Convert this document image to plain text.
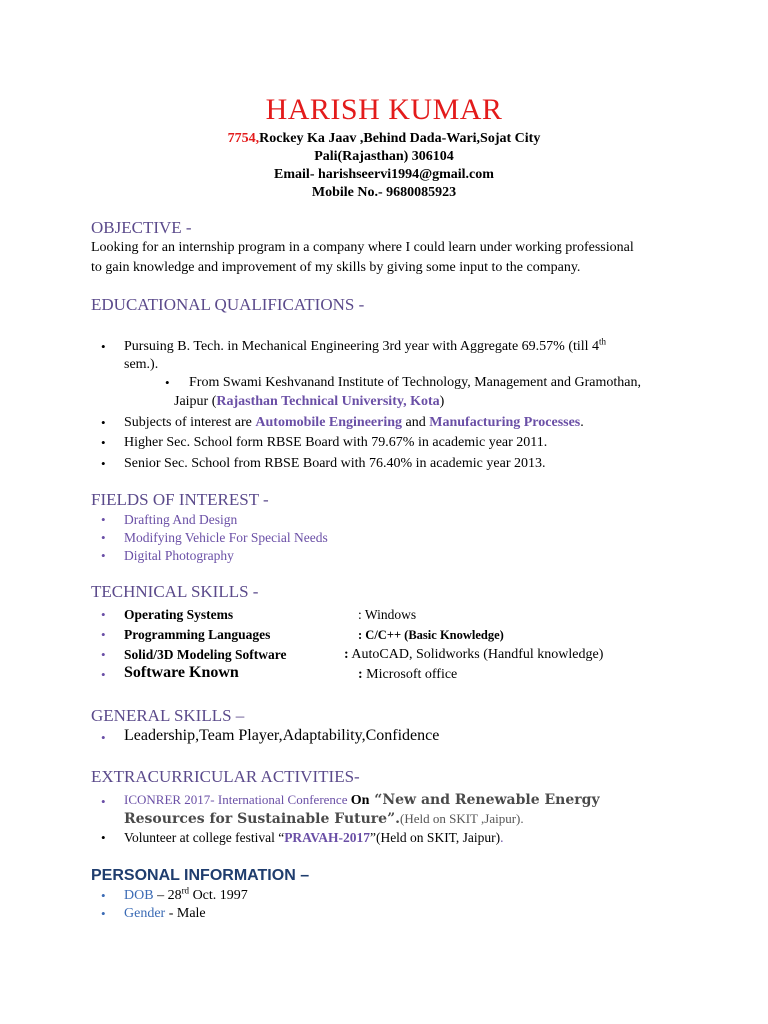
HARISH KUMAR
7754,Rockey Ka Jaav ,Behind Dada-Wari,Sojat City
Pali(Rajasthan) 306104
Email- harishseervi1994@gmail.com
Mobile No.- 9680085923
OBJECTIVE -
Looking for an internship program in a company where I could learn under working professional
to gain knowledge and improvement of my skills by giving some input to the company.
EDUCATIONAL QUALIFICATIONS -
• Pursuing B. Tech. in Mechanical Engineering 3rd year with Aggregate 69.57% (till 4th
sem.).
• From Swami Keshvanand Institute of Technology, Management and Gramothan,
Jaipur (Rajasthan Technical University, Kota)
• Subjects of interest are Automobile Engineering and Manufacturing Processes.
• Higher Sec. School form RBSE Board with 79.67% in academic year 2011.
• Senior Sec. School from RBSE Board with 76.40% in academic year 2013.
FIELDS OF INTEREST -
• Drafting And Design
• Modifying Vehicle For Special Needs
• Digital Photography
TECHNICAL SKILLS -
• Operating Systems	: Windows
• Programming Languages	: C/C++ (Basic Knowledge)
• Solid/3D Modeling Software	: AutoCAD, Solidworks (Handful knowledge)
• Software Known	: Microsoft office
GENERAL SKILLS –
• Leadership,Team Player,Adaptability,Confidence
EXTRACURRICULAR ACTIVITIES-
• ICONRER 2017- International Conference On “New and Renewable Energy
Resources for Sustainable Future”.(Held on SKIT ,Jaipur).
• Volunteer at college festival “PRAVAH-2017”(Held on SKIT, Jaipur).
PERSONAL INFORMATION –
• DOB – 28rd Oct. 1997
• Gender - Male
